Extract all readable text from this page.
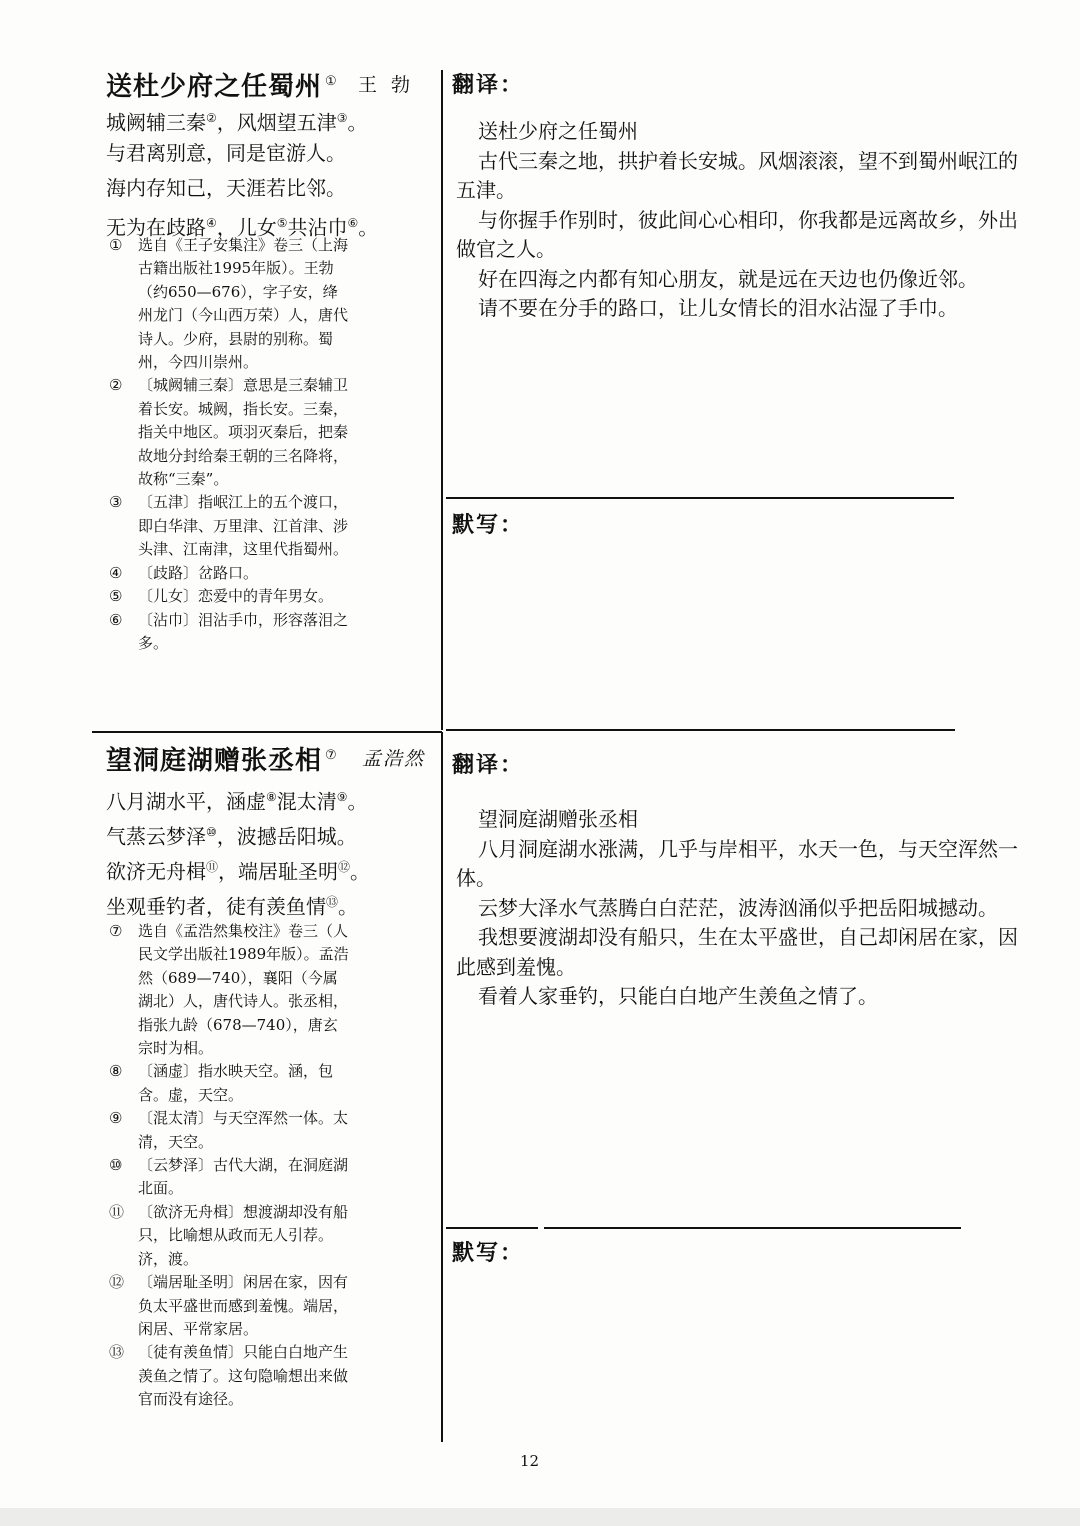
送杜少府之任蜀州 ① 王勃
城阙辅三秦②，风烟望五津③。
与君离别意，同是宦游人。
海内存知己，天涯若比邻。
无为在歧路④，儿女⑤共沾巾⑥。
① 选自《王子安集注》卷三（上海古籍出版社1995年版）。王勃（约650—676），字子安，绛州龙门（今山西万荣）人，唐代诗人。少府，县尉的别称。蜀州，今四川崇州。
② 〔城阙辅三秦〕意思是三秦辅卫着长安。城阙，指长安。三秦，指关中地区。项羽灭秦后，把秦故地分封给秦王朝的三名降将，故称“三秦”。
③ 〔五津〕指岷江上的五个渡口，即白华津、万里津、江首津、涉头津、江南津，这里代指蜀州。
④ 〔歧路〕岔路口。
⑤ 〔儿女〕恋爱中的青年男女。
⑥ 〔沾巾〕泪沾手巾，形容落泪之多。
翻译：

送杜少府之任蜀州

古代三秦之地，拱护着长安城。风烟滚滚，望不到蜀州岷江的五津。

与你握手作别时，彼此间心心相印，你我都是远离故乡，外出做官之人。

好在四海之内都有知心朋友，就是远在天边也仍像近邻。

请不要在分手的路口，让儿女情长的泪水沾湿了手巾。

默写：
望洞庭湖赠张丞相 ⑦ 孟浩然
八月湖水平，涵虚⑧混太清⑨。
气蒸云梦泽⑩，波撼岳阳城。
欲济无舟楫⑪，端居耻圣明⑫。
坐观垂钓者，徒有羡鱼情⑬。
⑦ 选自《孟浩然集校注》卷三（人民文学出版社1989年版）。孟浩然（689—740），襄阳（今属湖北）人，唐代诗人。张丞相，指张九龄（678—740），唐玄宗时为相。
⑧ 〔涵虚〕指水映天空。涵，包含。虚，天空。
⑨ 〔混太清〕与天空浑然一体。太清，天空。
⑩ 〔云梦泽〕古代大湖，在洞庭湖北面。
⑪ 〔欲济无舟楫〕想渡湖却没有船只，比喻想从政而无人引荐。济，渡。
⑫ 〔端居耻圣明〕闲居在家，因有负太平盛世而感到羞愧。端居，闲居、平常家居。
⑬ 〔徒有羡鱼情〕只能白白地产生羡鱼之情了。这句隐喻想出来做官而没有途径。
翻译：

望洞庭湖赠张丞相

八月洞庭湖水涨满，几乎与岸相平，水天一色，与天空浑然一体。

云梦大泽水气蒸腾白白茫茫，波涛汹涌似乎把岳阳城撼动。

我想要渡湖却没有船只，生在太平盛世，自己却闲居在家，因此感到羞愧。

看着人家垂钓，只能白白地产生羡鱼之情了。

默写：
12
